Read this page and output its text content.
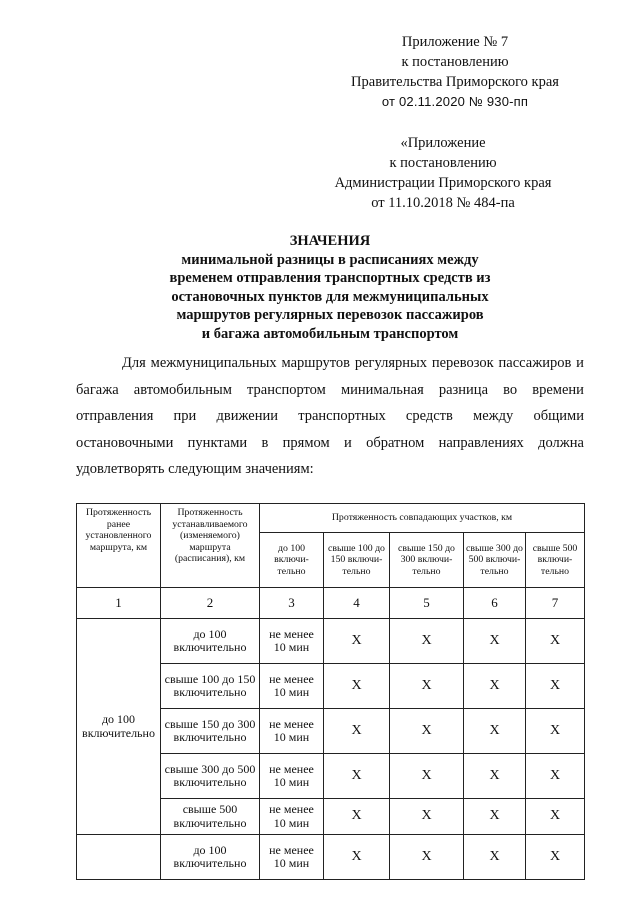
Приложение № 7
к постановлению
Правительства Приморского края
от 02.11.2020 № 930-пп
«Приложение
к постановлению
Администрации Приморского края
от 11.10.2018 № 484-па
ЗНАЧЕНИЯ
минимальной разницы в расписаниях между
временем отправления транспортных средств из
остановочных пунктов для межмуниципальных
маршрутов регулярных перевозок пассажиров
и багажа автомобильным транспортом
Для межмуниципальных маршрутов регулярных перевозок пассажиров и
багажа автомобильным транспортом минимальная разница во времени
отправления при движении транспортных средств между общими
остановочными пунктами в прямом и обратном направлениях должна
удовлетворять следующим значениям:
Протяженность ранее установленного маршрута, км	Протяженность устанавливаемого (изменяемого) маршрута (расписания), км	Протяженность совпадающих участков, км				
		до 100 включи-тельно	свыше 100 до 150 включи-тельно	свыше 150 до 300 включи-тельно	свыше 300 до 500 включи-тельно	свыше 500 включи-тельно
1	2	3	4	5	6	7
до 100 включительно	до 100 включительно	не менее 10 мин	Х	Х	Х	Х
	свыше 100 до 150 включительно	не менее 10 мин	Х	Х	Х	Х
	свыше 150 до 300 включительно	не менее 10 мин	Х	Х	Х	Х
	свыше 300 до 500 включительно	не менее 10 мин	Х	Х	Х	Х
	свыше 500 включительно	не менее 10 мин	Х	Х	Х	Х
	до 100 включительно	не менее 10 мин	Х	Х	Х	Х
